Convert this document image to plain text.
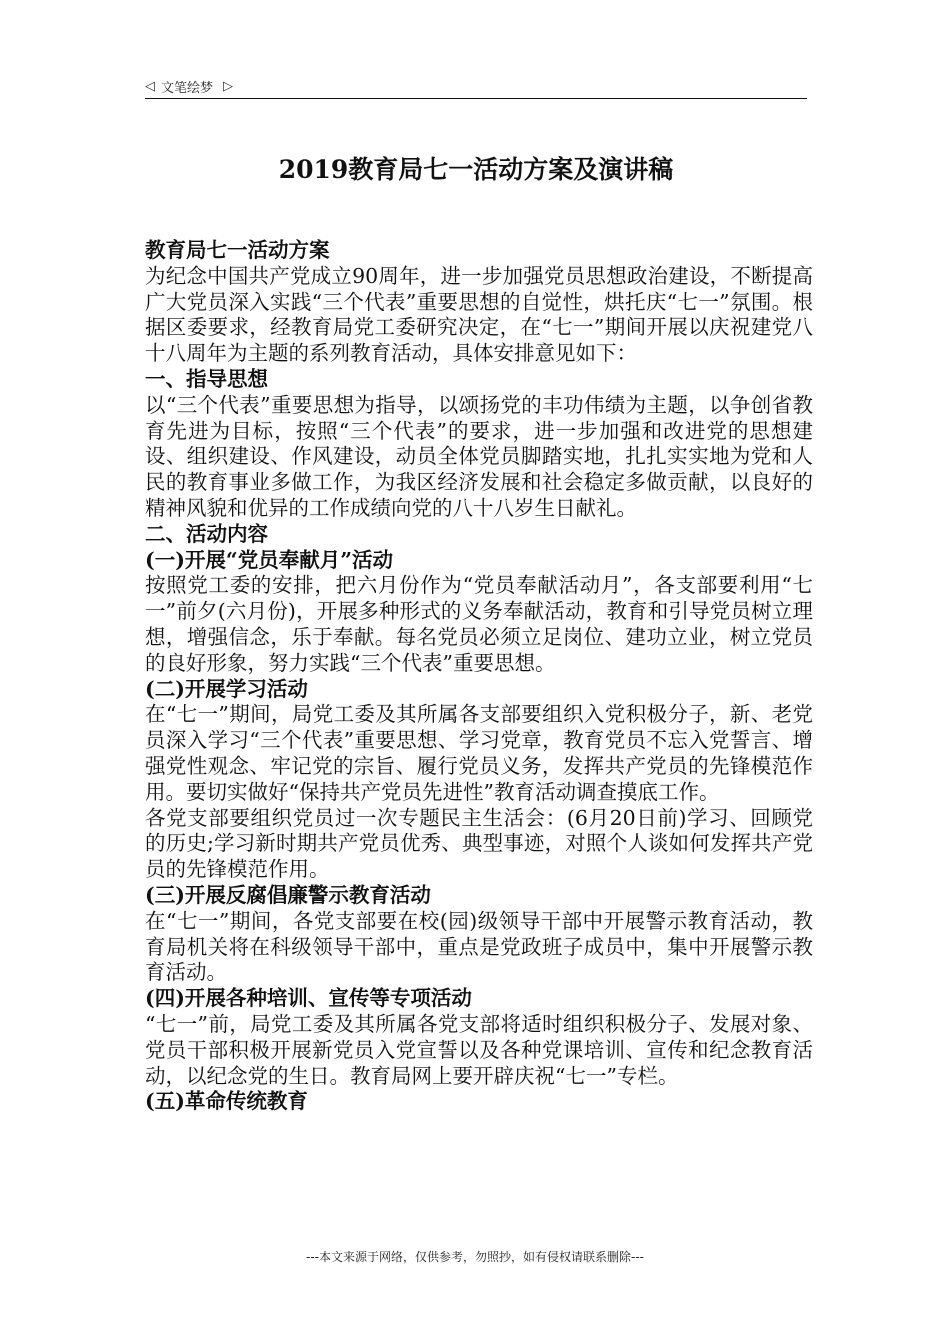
◁ 文笔绘梦 ▷
2019教育局七一活动方案及演讲稿

教育局七一活动方案

为纪念中国共产党成立90周年，进一步加强党员思想政治建设，不断提高广大党员深入实践“三个代表”重要思想的自觉性，烘托庆“七一”氛围。根据区委要求，经教育局党工委研究决定，在“七一”期间开展以庆祝建党八十八周年为主题的系列教育活动，具体安排意见如下：

一、指导思想

以“三个代表”重要思想为指导，以颂扬党的丰功伟绩为主题，以争创省教育先进为目标，按照“三个代表”的要求，进一步加强和改进党的思想建设、组织建设、作风建设，动员全体党员脚踏实地，扎扎实实地为党和人民的教育事业多做工作，为我区经济发展和社会稳定多做贡献，以良好的精神风貌和优异的工作成绩向党的八十八岁生日献礼。

二、活动内容

(一)开展“党员奉献月”活动

按照党工委的安排，把六月份作为“党员奉献活动月”，各支部要利用“七一”前夕(六月份)，开展多种形式的义务奉献活动，教育和引导党员树立理想，增强信念，乐于奉献。每名党员必须立足岗位、建功立业，树立党员的良好形象，努力实践“三个代表”重要思想。

(二)开展学习活动

在“七一”期间，局党工委及其所属各支部要组织入党积极分子，新、老党员深入学习“三个代表”重要思想、学习党章，教育党员不忘入党誓言、增强党性观念、牢记党的宗旨、履行党员义务，发挥共产党员的先锋模范作用。要切实做好“保持共产党员先进性”教育活动调查摸底工作。

各党支部要组织党员过一次专题民主生活会：(6月20日前)学习、回顾党的历史;学习新时期共产党员优秀、典型事迹，对照个人谈如何发挥共产党员的先锋模范作用。

(三)开展反腐倡廉警示教育活动

在“七一”期间，各党支部要在校(园)级领导干部中开展警示教育活动，教育局机关将在科级领导干部中，重点是党政班子成员中，集中开展警示教育活动。

(四)开展各种培训、宣传等专项活动

“七一”前，局党工委及其所属各党支部将适时组织积极分子、发展对象、党员干部积极开展新党员入党宣誓以及各种党课培训、宣传和纪念教育活动，以纪念党的生日。教育局网上要开辟庆祝“七一”专栏。

(五)革命传统教育

---本文来源于网络，仅供参考，勿照抄，如有侵权请联系删除---
